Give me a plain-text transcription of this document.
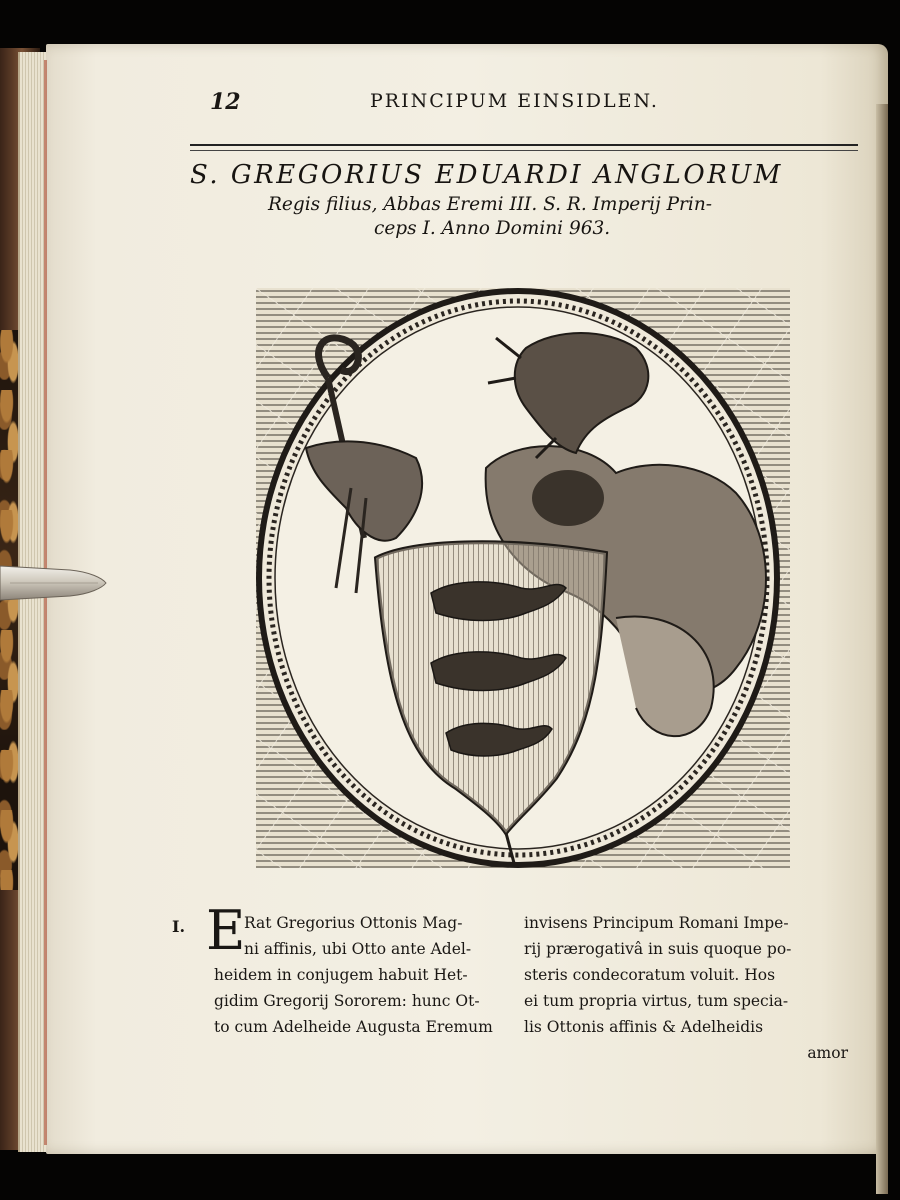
12	PRINCIPUM EINSIDLEN.
S. GREGORIUS EDUARDI ANGLORUM
Regis filius, Abbas Eremi III. S. R. Imperij Prin-
ceps I. Anno Domini 963.
I. E
Rat Gregorius Ottonis Mag-
ni affinis, ubi Otto ante Adel-
heidem in conjugem habuit Het-
gidim Gregorij Sororem: hunc Ot-
to cum Adelheide Augusta Eremum
invisens Principum Romani Impe-
rij prærogativâ in suis quoque po-
steris condecoratum voluit. Hos
ei tum propria virtus, tum specia-
lis Ottonis affinis & Adelheidis
amor
